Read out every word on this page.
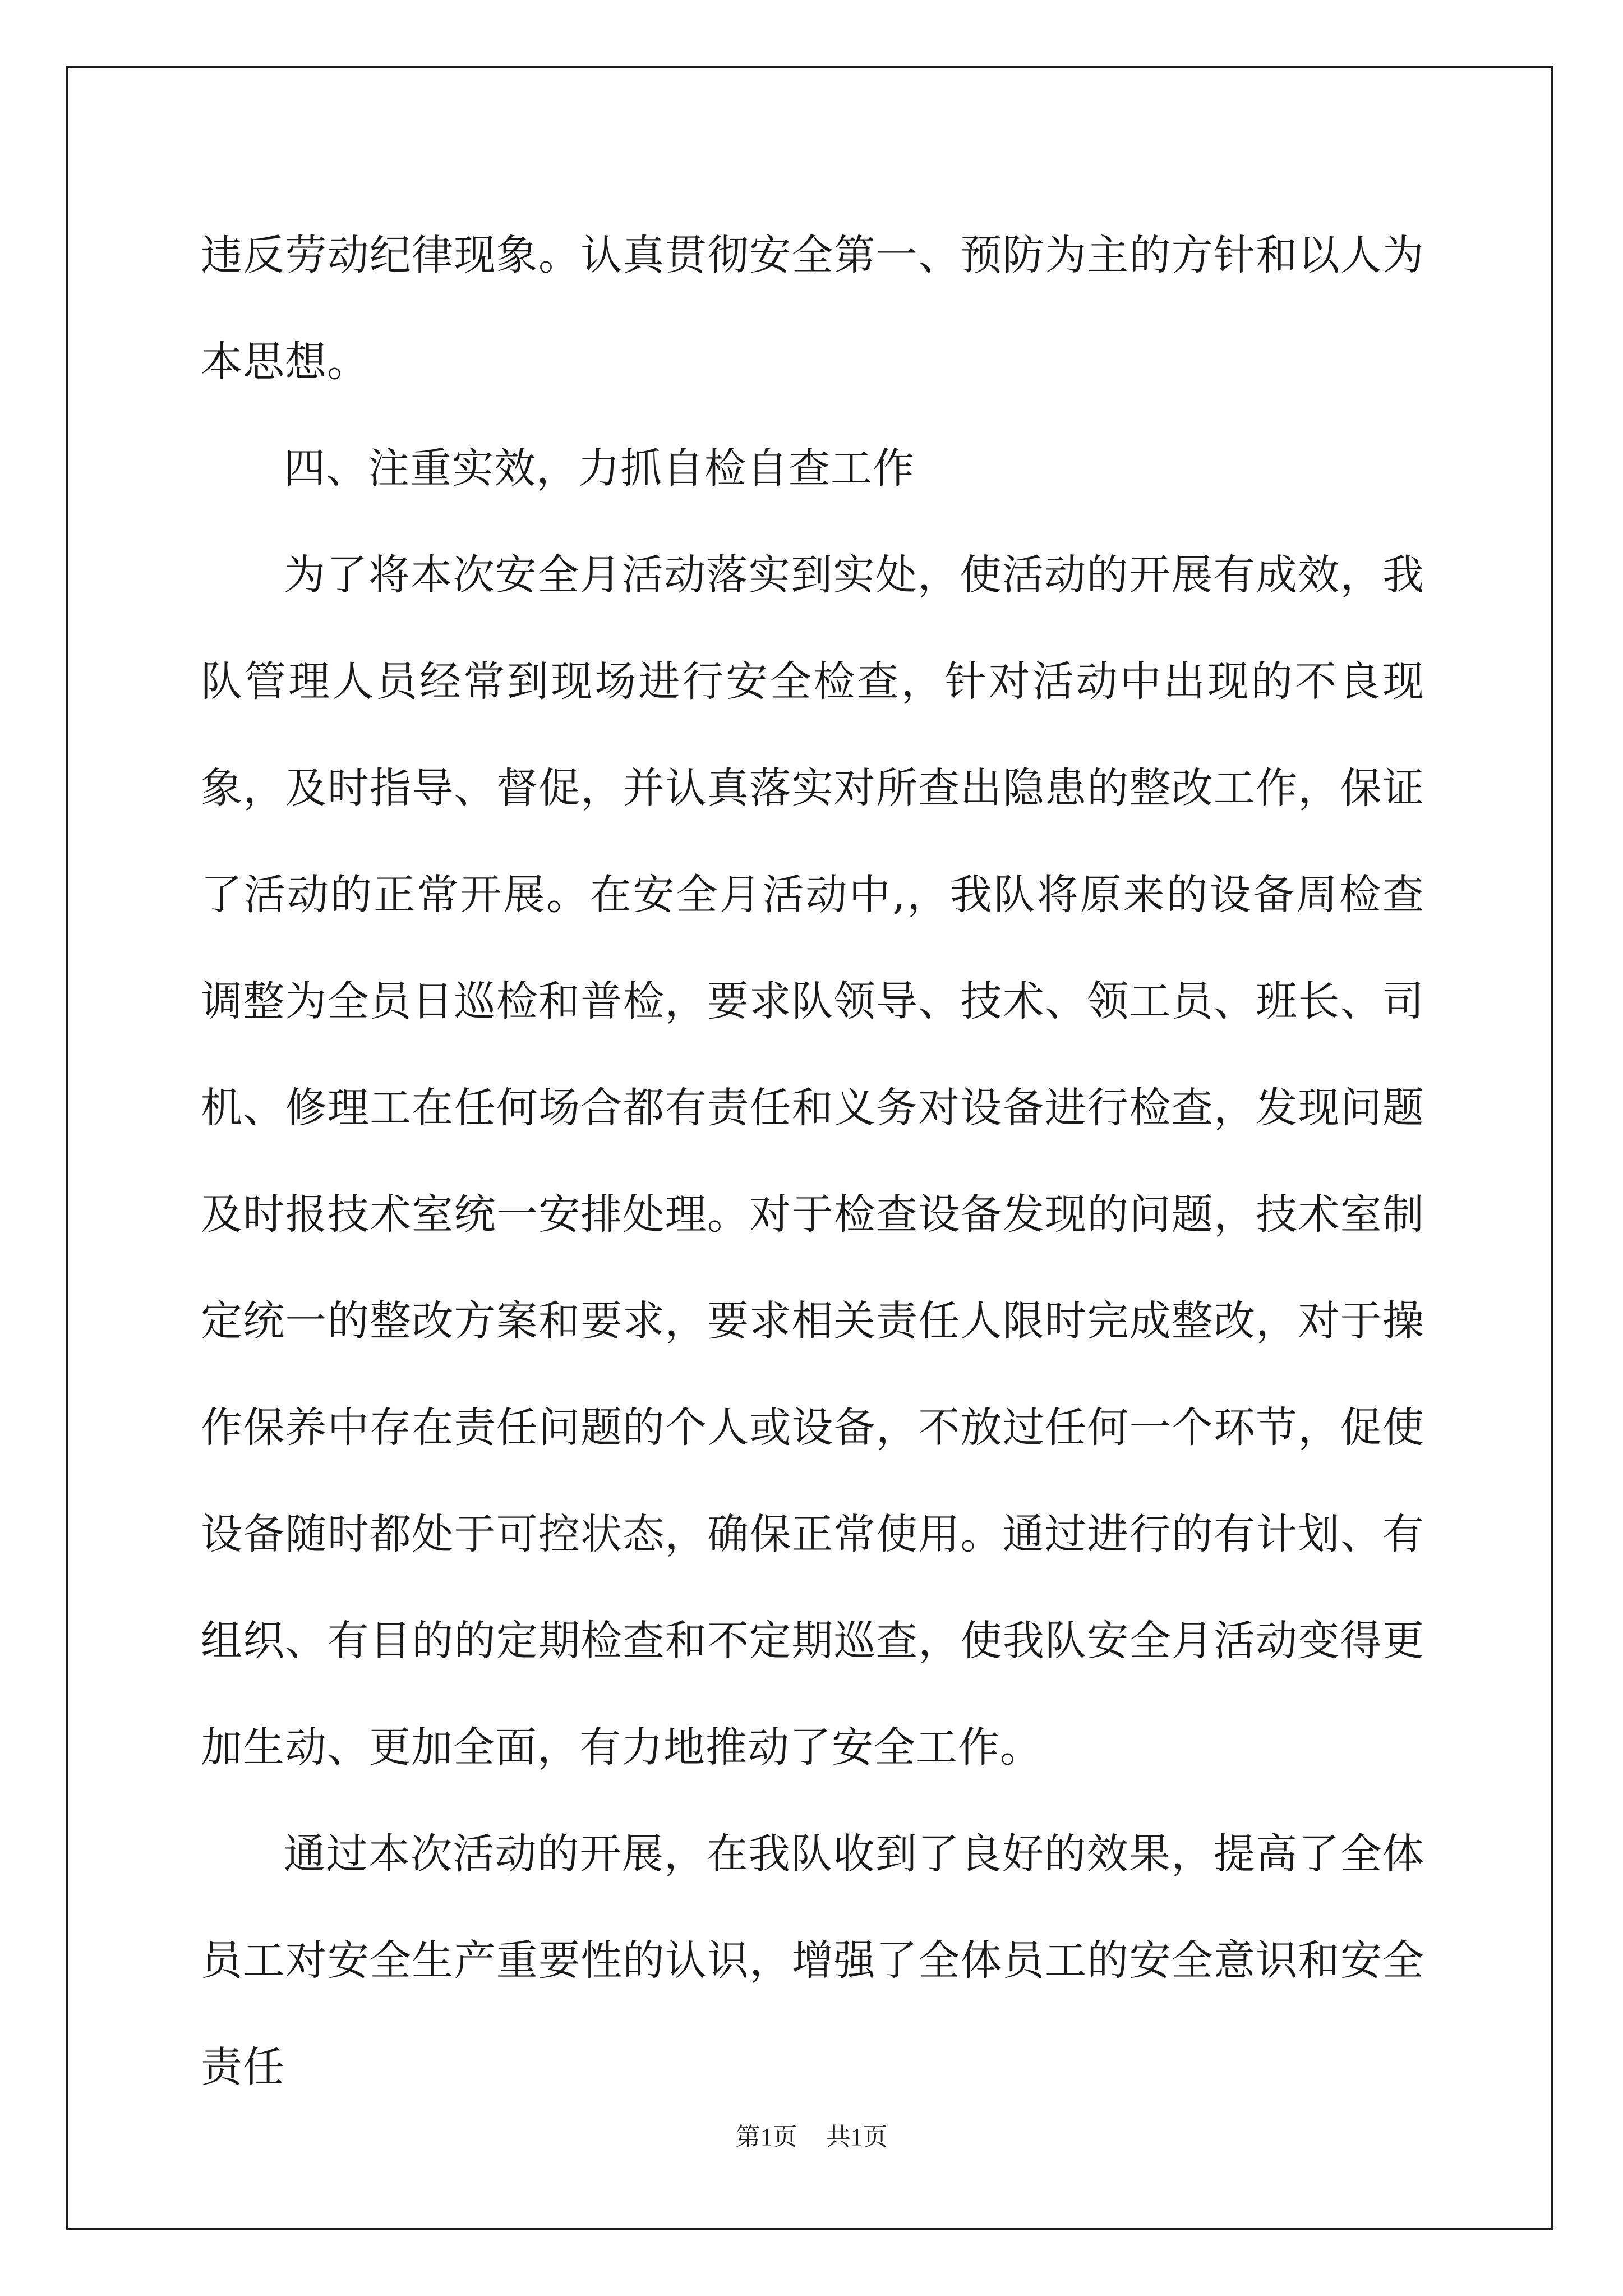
违反劳动纪律现象。认真贯彻安全第一、预防为主的方针和以人为本思想。

四、注重实效，力抓自检自查工作

为了将本次安全月活动落实到实处，使活动的开展有成效，我队管理人员经常到现场进行安全检查，针对活动中出现的不良现象，及时指导、督促，并认真落实对所查出隐患的整改工作，保证了活动的正常开展。在安全月活动中,，我队将原来的设备周检查调整为全员日巡检和普检，要求队领导、技术、领工员、班长、司机、修理工在任何场合都有责任和义务对设备进行检查，发现问题及时报技术室统一安排处理。对于检查设备发现的问题，技术室制定统一的整改方案和要求，要求相关责任人限时完成整改，对于操作保养中存在责任问题的个人或设备，不放过任何一个环节，促使设备随时都处于可控状态，确保正常使用。通过进行的有计划、有组织、有目的的定期检查和不定期巡查，使我队安全月活动变得更加生动、更加全面，有力地推动了安全工作。

通过本次活动的开展，在我队收到了良好的效果，提高了全体员工对安全生产重要性的认识，增强了全体员工的安全意识和安全责任

第1页 共1页
